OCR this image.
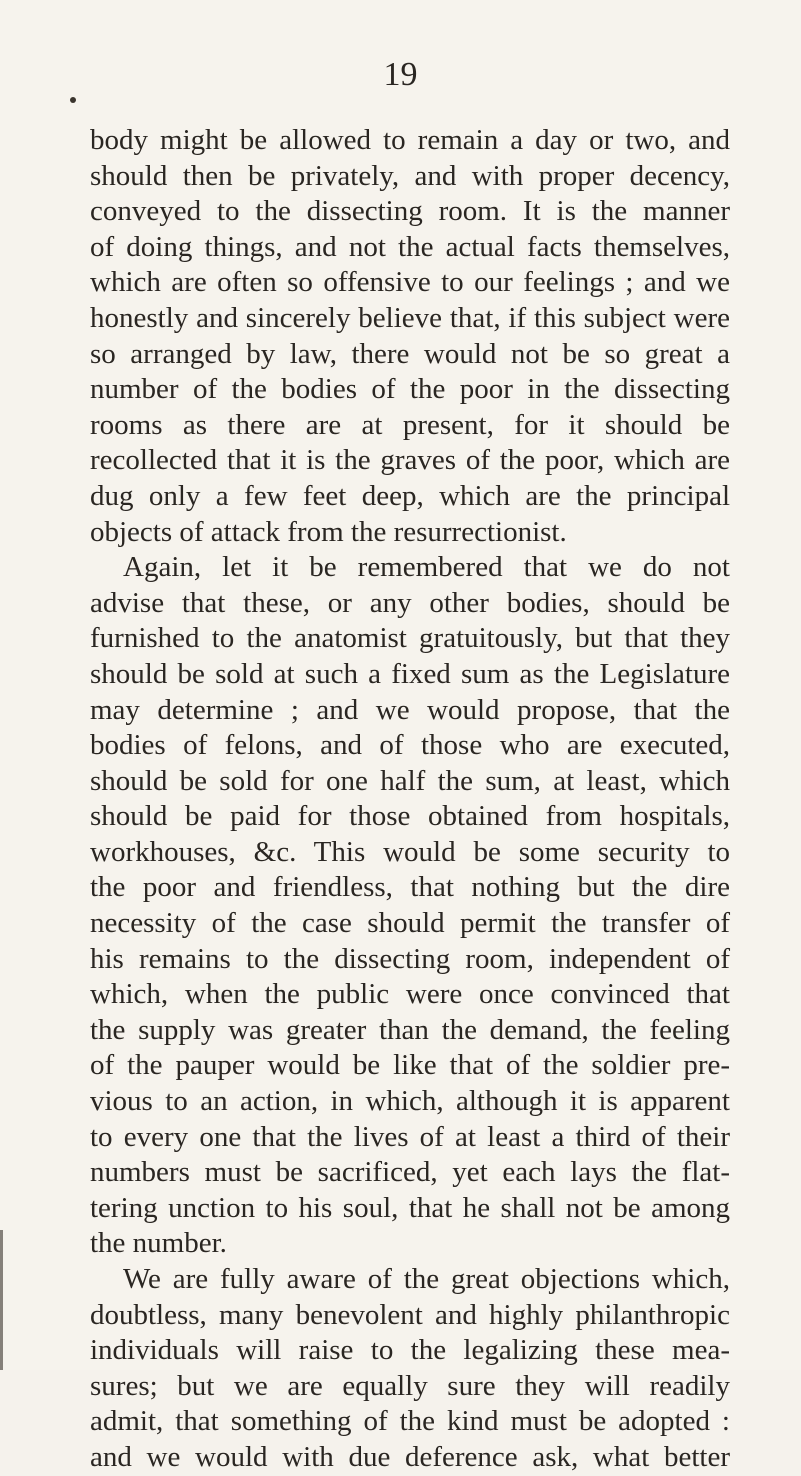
19

body might be allowed to remain a day or two, and
should then be privately, and with proper decency,
conveyed to the dissecting room. It is the manner
of doing things, and not the actual facts themselves,
which are often so offensive to our feelings ; and we
honestly and sincerely believe that, if this subject were
so arranged by law, there would not be so great a
number of the bodies of the poor in the dissecting
rooms as there are at present, for it should be
recollected that it is the graves of the poor, which are
dug only a few feet deep, which are the principal
objects of attack from the resurrectionist.
Again, let it be remembered that we do not
advise that these, or any other bodies, should be
furnished to the anatomist gratuitously, but that they
should be sold at such a fixed sum as the Legislature
may determine ; and we would propose, that the
bodies of felons, and of those who are executed,
should be sold for one half the sum, at least, which
should be paid for those obtained from hospitals,
workhouses, &c. This would be some security to
the poor and friendless, that nothing but the dire
necessity of the case should permit the transfer of
his remains to the dissecting room, independent of
which, when the public were once convinced that
the supply was greater than the demand, the feeling
of the pauper would be like that of the soldier pre-
vious to an action, in which, although it is apparent
to every one that the lives of at least a third of their
numbers must be sacrificed, yet each lays the flat-
tering unction to his soul, that he shall not be among
the number.
We are fully aware of the great objections which,
doubtless, many benevolent and highly philanthropic
individuals will raise to the legalizing these mea-
sures; but we are equally sure they will readily
admit, that something of the kind must be adopted :
and we would with due deference ask, what better
